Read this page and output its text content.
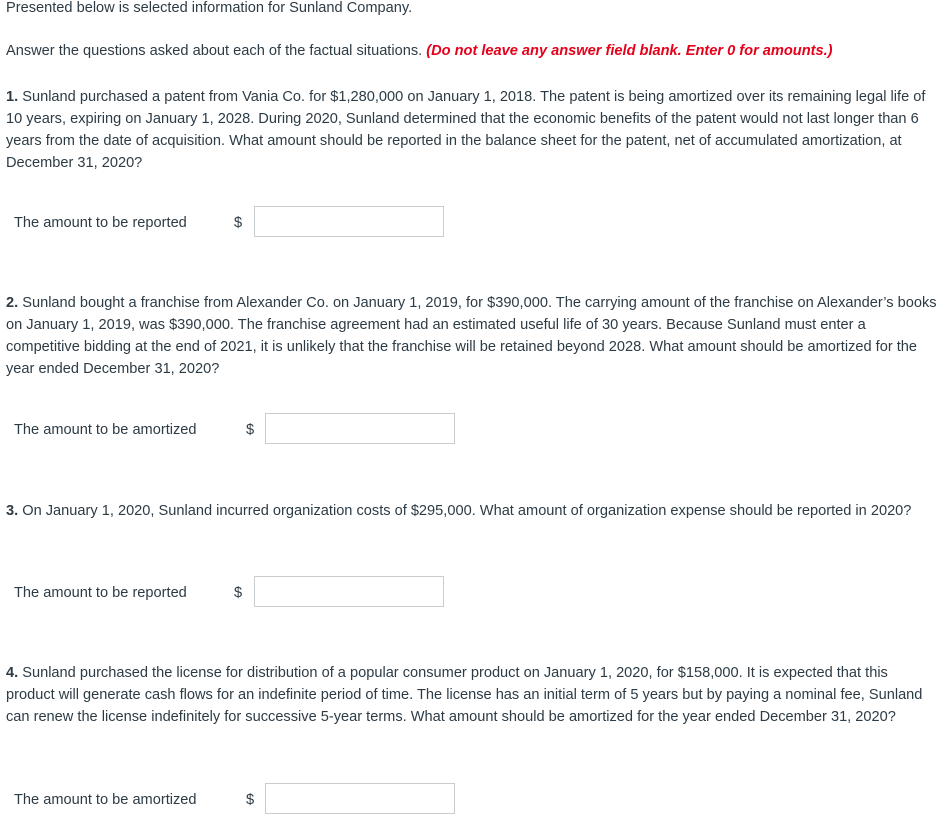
Presented below is selected information for Sunland Company.

Answer the questions asked about each of the factual situations. (Do not leave any answer field blank. Enter 0 for amounts.)

1. Sunland purchased a patent from Vania Co. for $1,280,000 on January 1, 2018. The patent is being amortized over its remaining legal life of 10 years, expiring on January 1, 2028. During 2020, Sunland determined that the economic benefits of the patent would not last longer than 6 years from the date of acquisition. What amount should be reported in the balance sheet for the patent, net of accumulated amortization, at December 31, 2020?

The amount to be reported	$

2. Sunland bought a franchise from Alexander Co. on January 1, 2019, for $390,000. The carrying amount of the franchise on Alexander’s books on January 1, 2019, was $390,000. The franchise agreement had an estimated useful life of 30 years. Because Sunland must enter a competitive bidding at the end of 2021, it is unlikely that the franchise will be retained beyond 2028. What amount should be amortized for the year ended December 31, 2020?

The amount to be amortized	$

3. On January 1, 2020, Sunland incurred organization costs of $295,000. What amount of organization expense should be reported in 2020?

The amount to be reported	$

4. Sunland purchased the license for distribution of a popular consumer product on January 1, 2020, for $158,000. It is expected that this product will generate cash flows for an indefinite period of time. The license has an initial term of 5 years but by paying a nominal fee, Sunland can renew the license indefinitely for successive 5-year terms. What amount should be amortized for the year ended December 31, 2020?

The amount to be amortized	$
